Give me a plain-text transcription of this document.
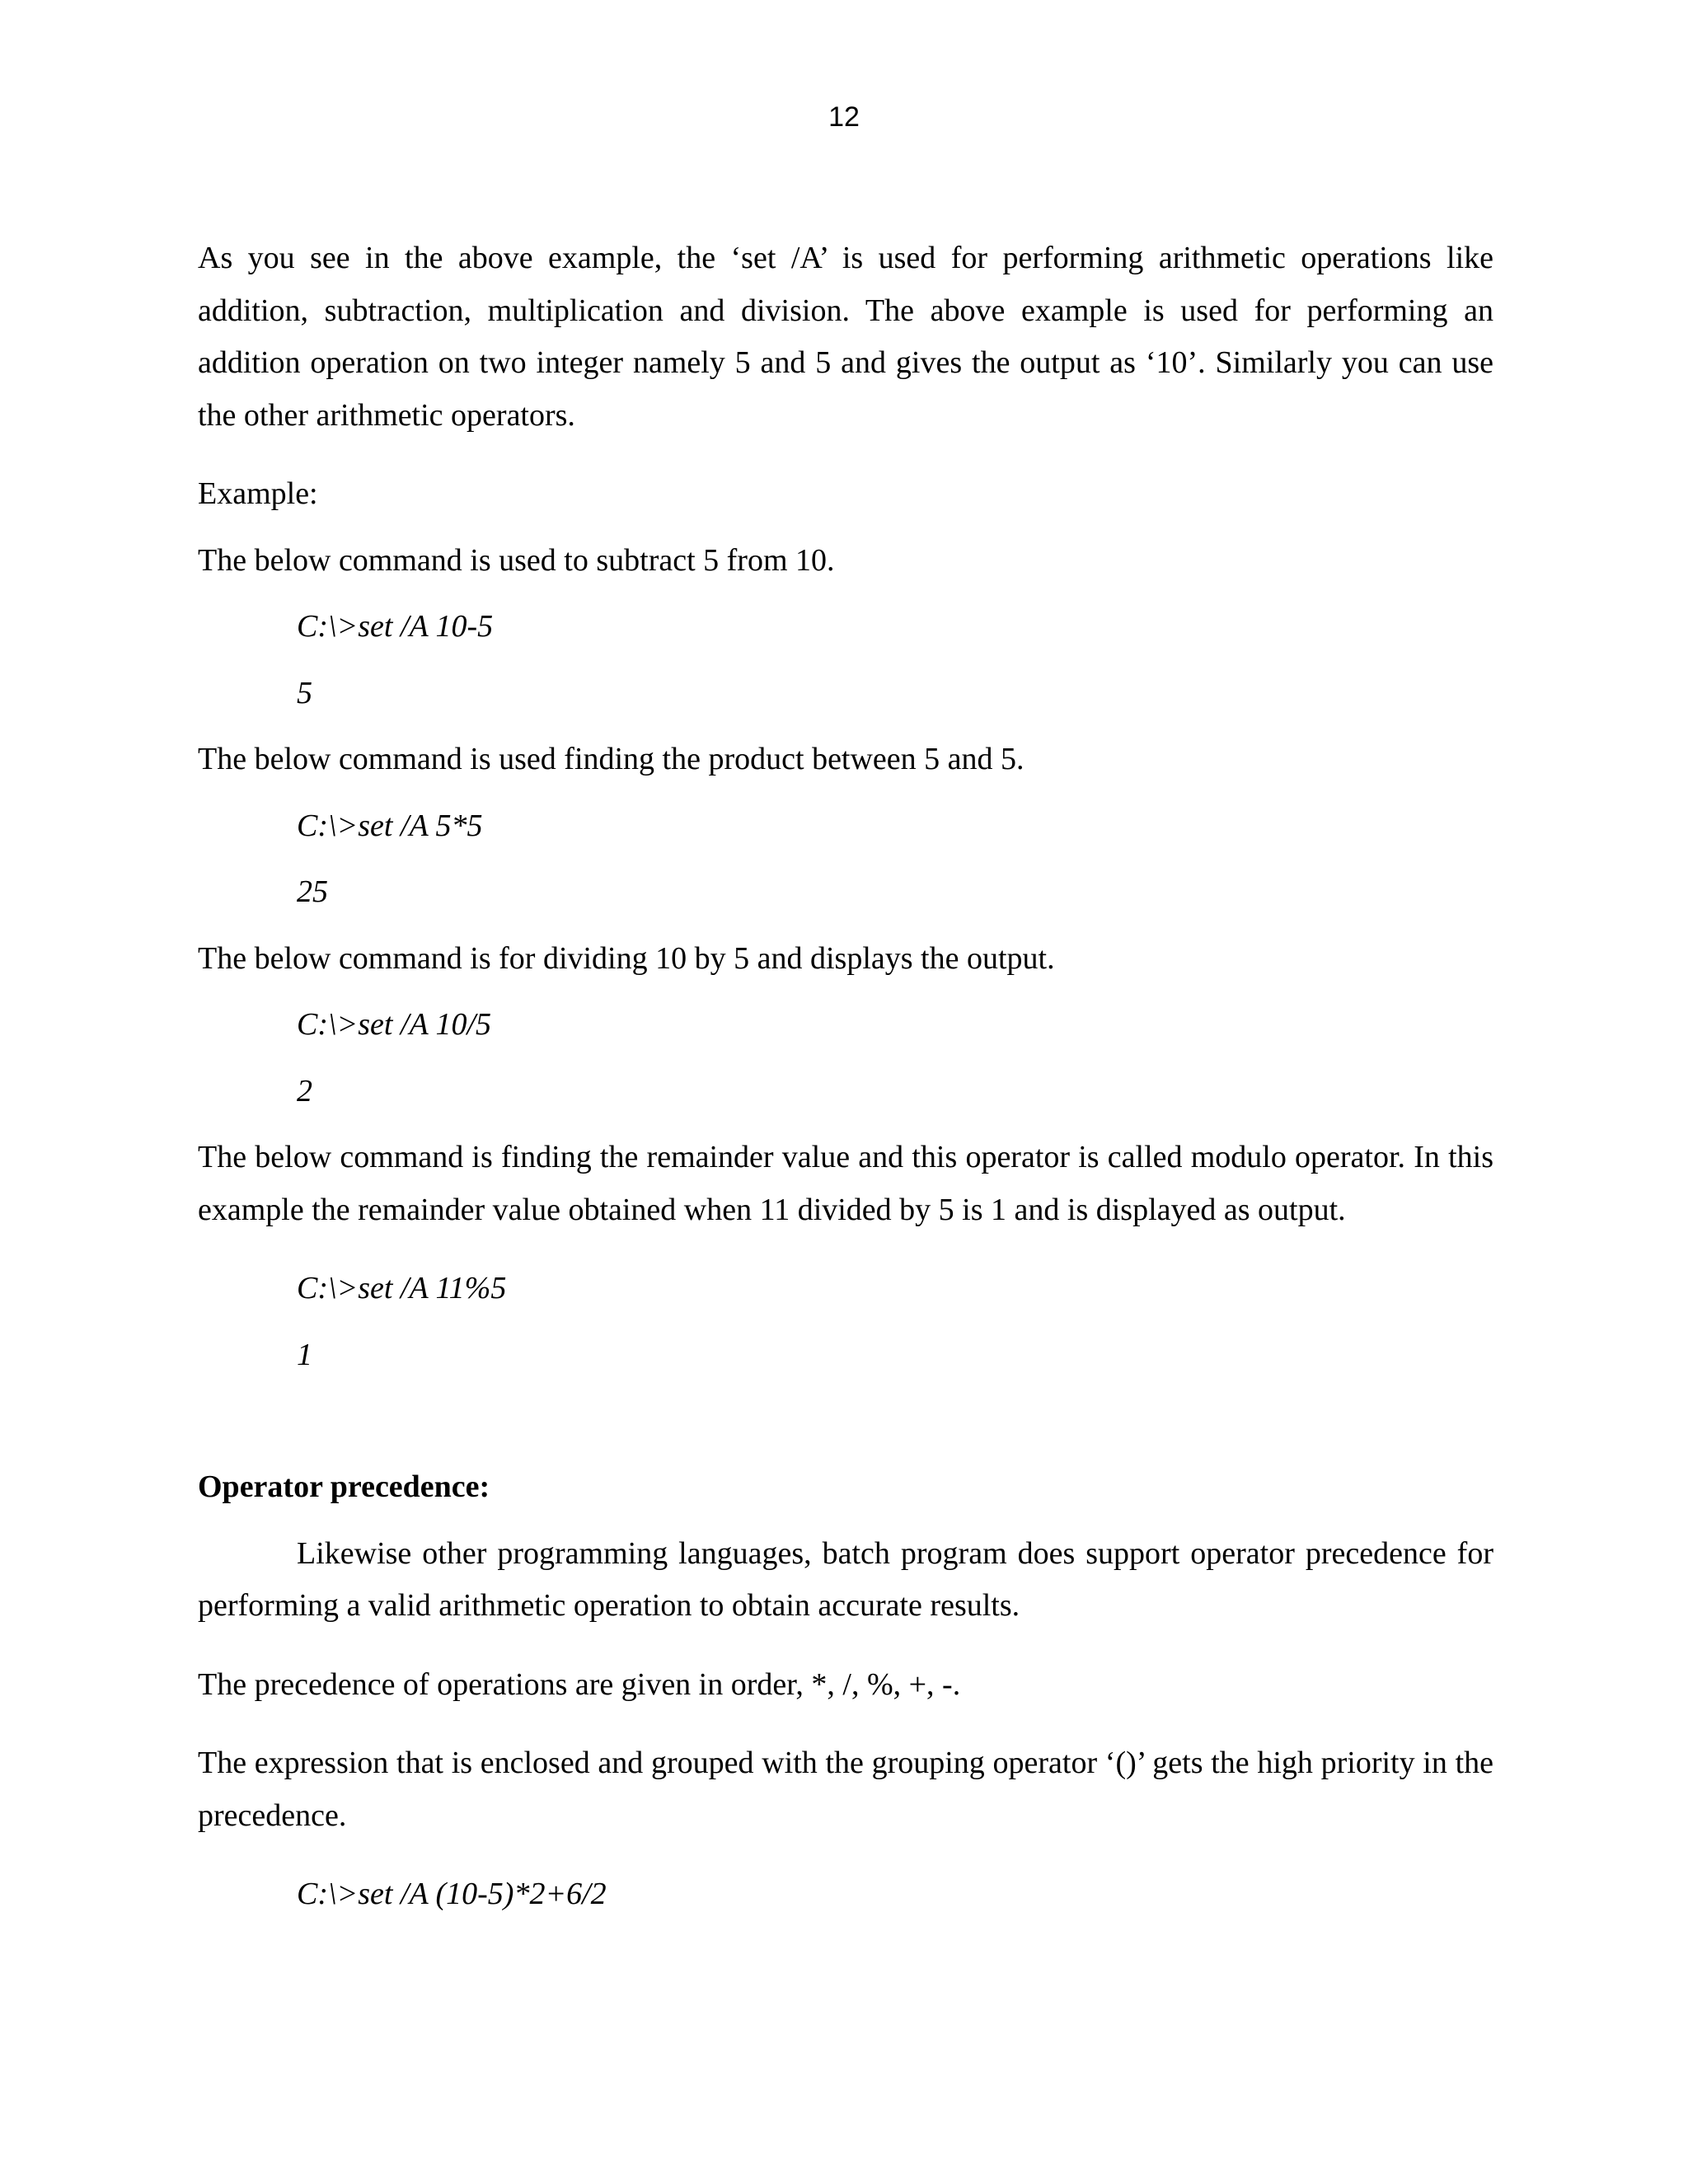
12

As you see in the above example, the ‘set /A’ is used for performing arithmetic operations like addition, subtraction, multiplication and division. The above example is used for performing an addition operation on two integer namely 5 and 5 and gives the output as ‘10’. Similarly you can use the other arithmetic operators.

Example:

The below command is used to subtract 5 from 10.

C:\>set /A 10-5

5

The below command is used finding the product between 5 and 5.

C:\>set /A 5*5

25

The below command is for dividing 10 by 5 and displays the output.

C:\>set /A 10/5

2

The below command is finding the remainder value and this operator is called modulo operator. In this example the remainder value obtained when 11 divided by 5 is 1 and is displayed as output.

C:\>set /A 11%5

1

Operator precedence:

Likewise other programming languages, batch program does support operator precedence for performing a valid arithmetic operation to obtain accurate results.

The precedence of operations are given in order, *, /, %, +, -.

The expression that is enclosed and grouped with the grouping operator ‘()’ gets the high priority in the precedence.

C:\>set /A (10-5)*2+6/2
